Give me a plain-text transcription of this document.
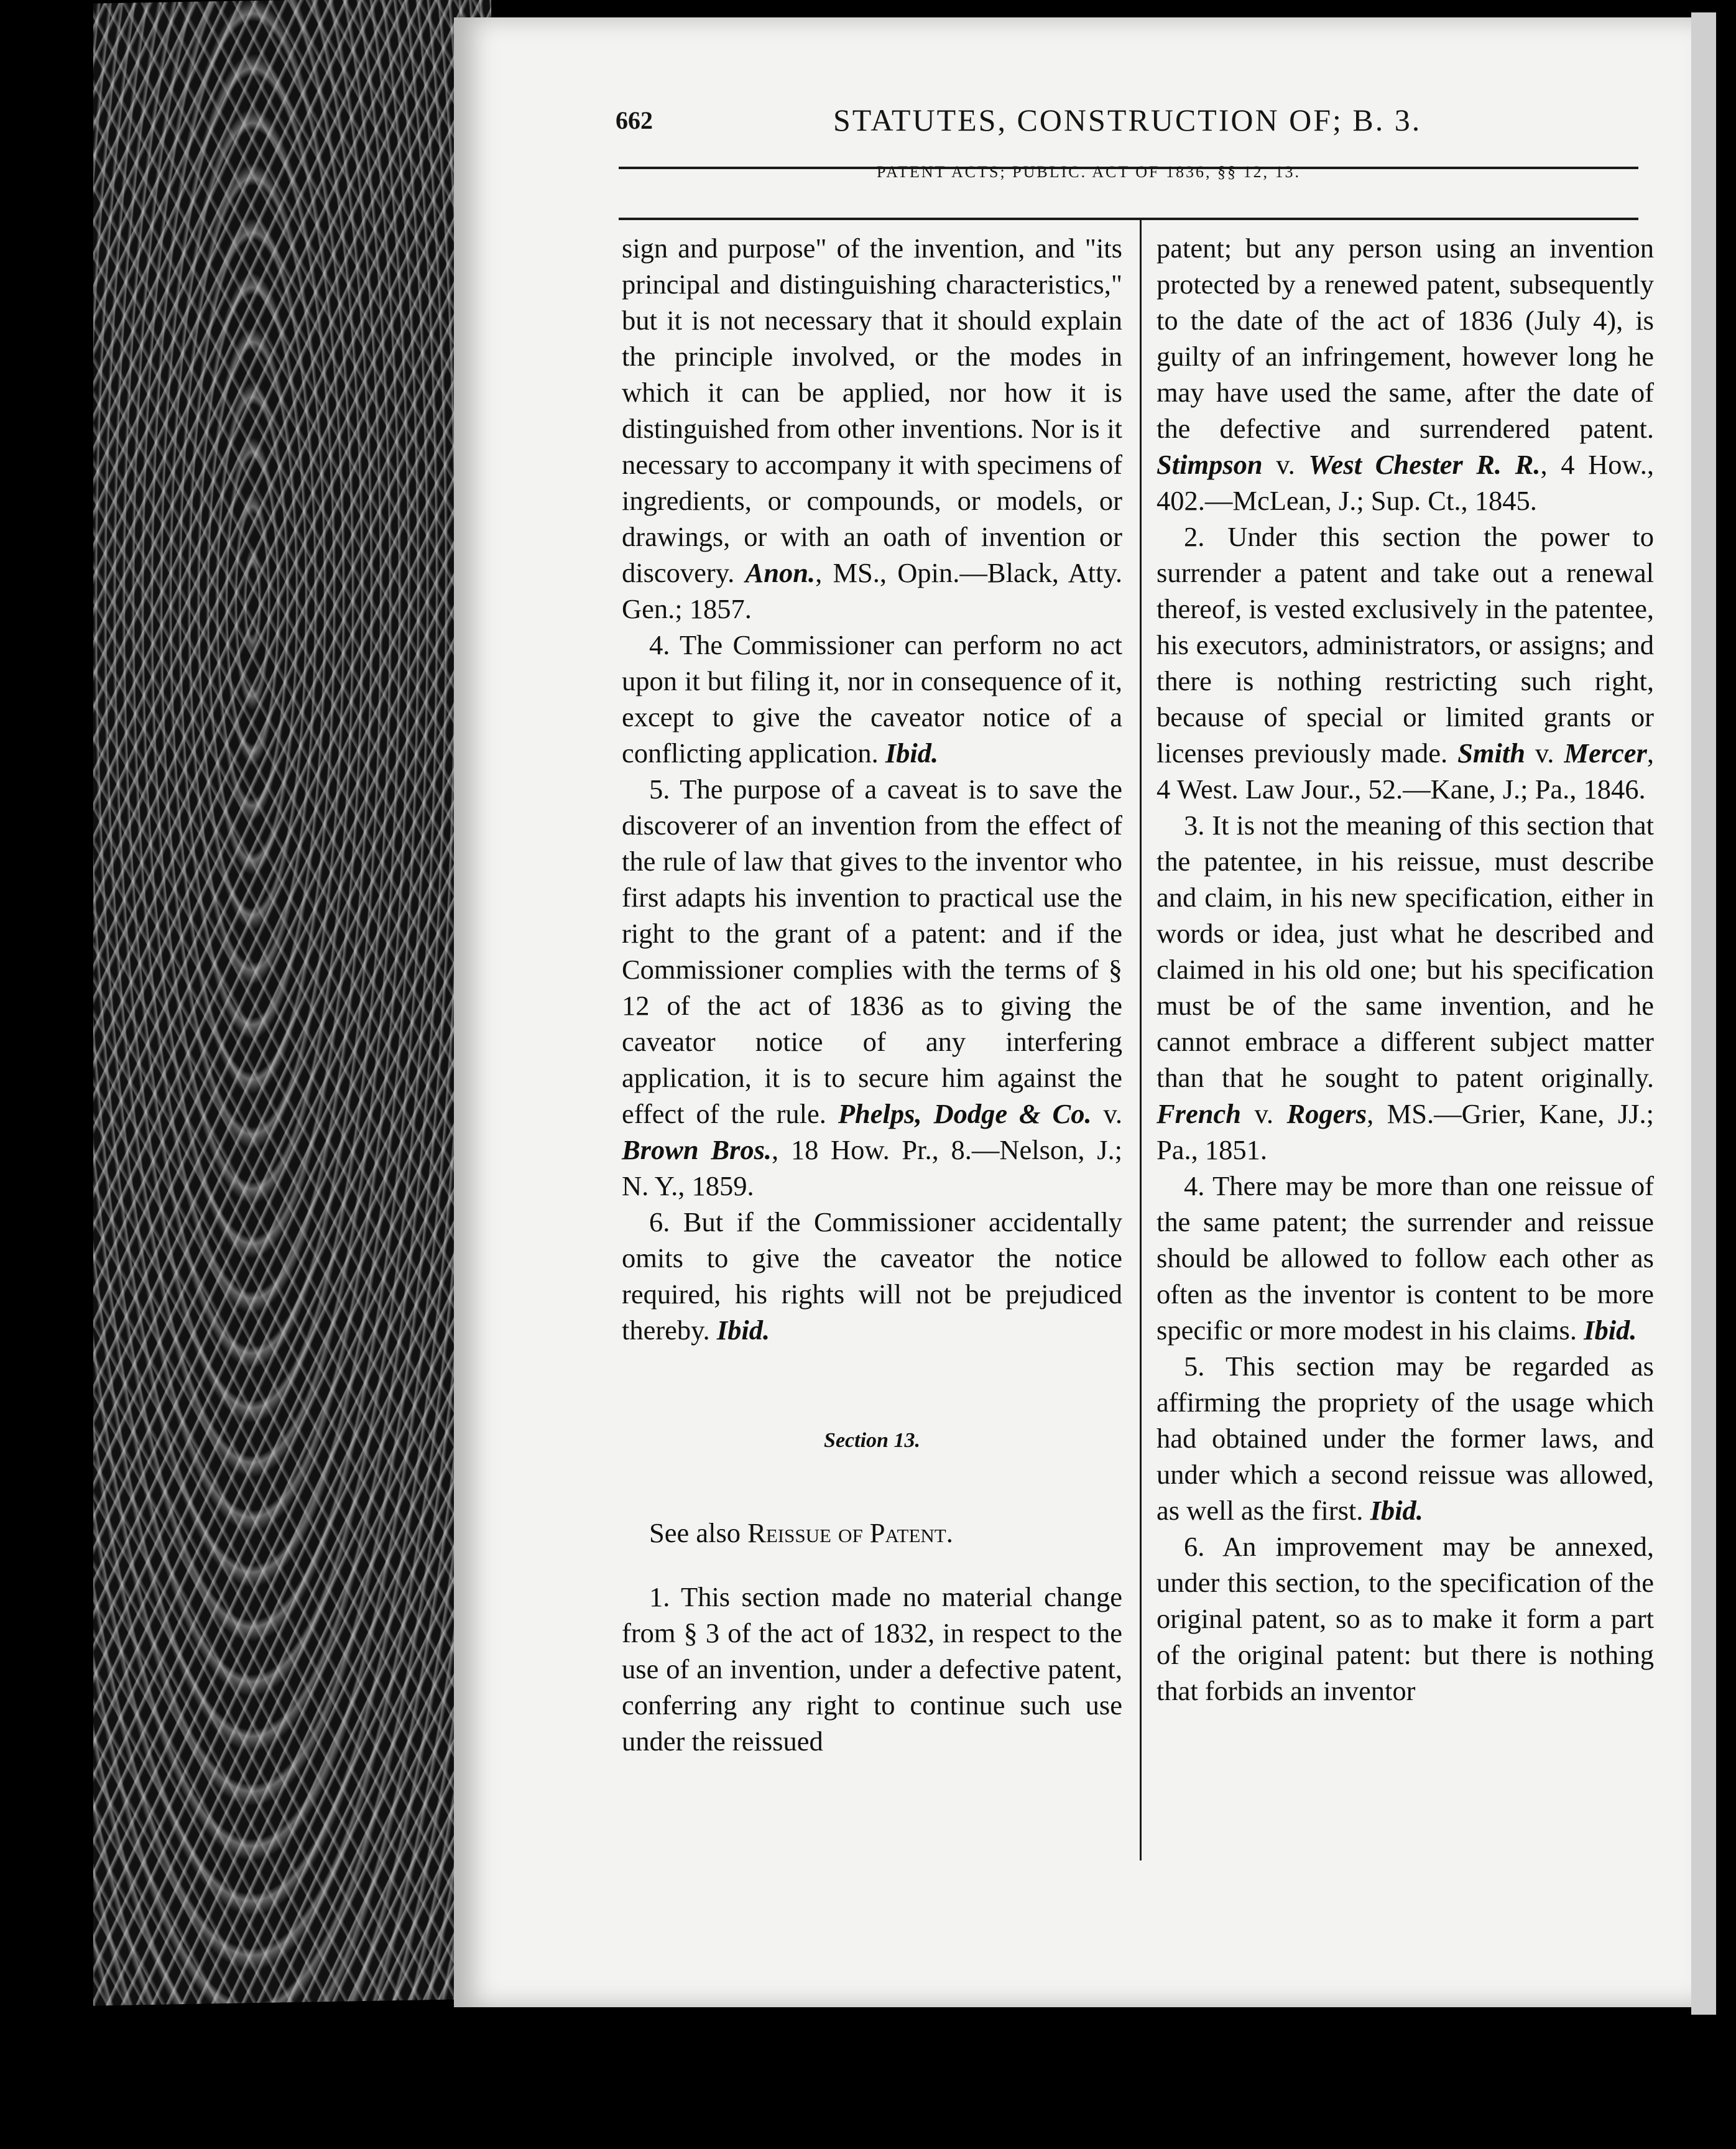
662	STATUTES, CONSTRUCTION OF; B. 3.
PATENT ACTS; PUBLIC. ACT OF 1836, §§ 12, 13.

sign and purpose" of the invention, and "its principal and distinguishing characteristics," but it is not necessary that it should explain the principle involved, or the modes in which it can be applied, nor how it is distinguished from other inventions. Nor is it necessary to accompany it with specimens of ingredients, or compounds, or models, or drawings, or with an oath of invention or discovery. Anon., MS., Opin.—Black, Atty. Gen.; 1857.

4. The Commissioner can perform no act upon it but filing it, nor in consequence of it, except to give the caveator notice of a conflicting application. Ibid.

5. The purpose of a caveat is to save the discoverer of an invention from the effect of the rule of law that gives to the inventor who first adapts his invention to practical use the right to the grant of a patent: and if the Commissioner complies with the terms of § 12 of the act of 1836 as to giving the caveator notice of any interfering application, it is to secure him against the effect of the rule. Phelps, Dodge & Co. v. Brown Bros., 18 How. Pr., 8.—Nelson, J.; N. Y., 1859.

6. But if the Commissioner accidentally omits to give the caveator the notice required, his rights will not be prejudiced thereby. Ibid.

Section 13.

See also Reissue of Patent.

1. This section made no material change from § 3 of the act of 1832, in respect to the use of an invention, under a defective patent, conferring any right to continue such use under the reissued

patent; but any person using an invention protected by a renewed patent, subsequently to the date of the act of 1836 (July 4), is guilty of an infringement, however long he may have used the same, after the date of the defective and surrendered patent. Stimpson v. West Chester R. R., 4 How., 402.—McLean, J.; Sup. Ct., 1845.

2. Under this section the power to surrender a patent and take out a renewal thereof, is vested exclusively in the patentee, his executors, administrators, or assigns; and there is nothing restricting such right, because of special or limited grants or licenses previously made. Smith v. Mercer, 4 West. Law Jour., 52.—Kane, J.; Pa., 1846.

3. It is not the meaning of this section that the patentee, in his reissue, must describe and claim, in his new specification, either in words or idea, just what he described and claimed in his old one; but his specification must be of the same invention, and he cannot embrace a different subject matter than that he sought to patent originally. French v. Rogers, MS.—Grier, Kane, JJ.; Pa., 1851.

4. There may be more than one reissue of the same patent; the surrender and reissue should be allowed to follow each other as often as the inventor is content to be more specific or more modest in his claims. Ibid.

5. This section may be regarded as affirming the propriety of the usage which had obtained under the former laws, and under which a second reissue was allowed, as well as the first. Ibid.

6. An improvement may be annexed, under this section, to the specification of the original patent, so as to make it form a part of the original patent: but there is nothing that forbids an inventor
